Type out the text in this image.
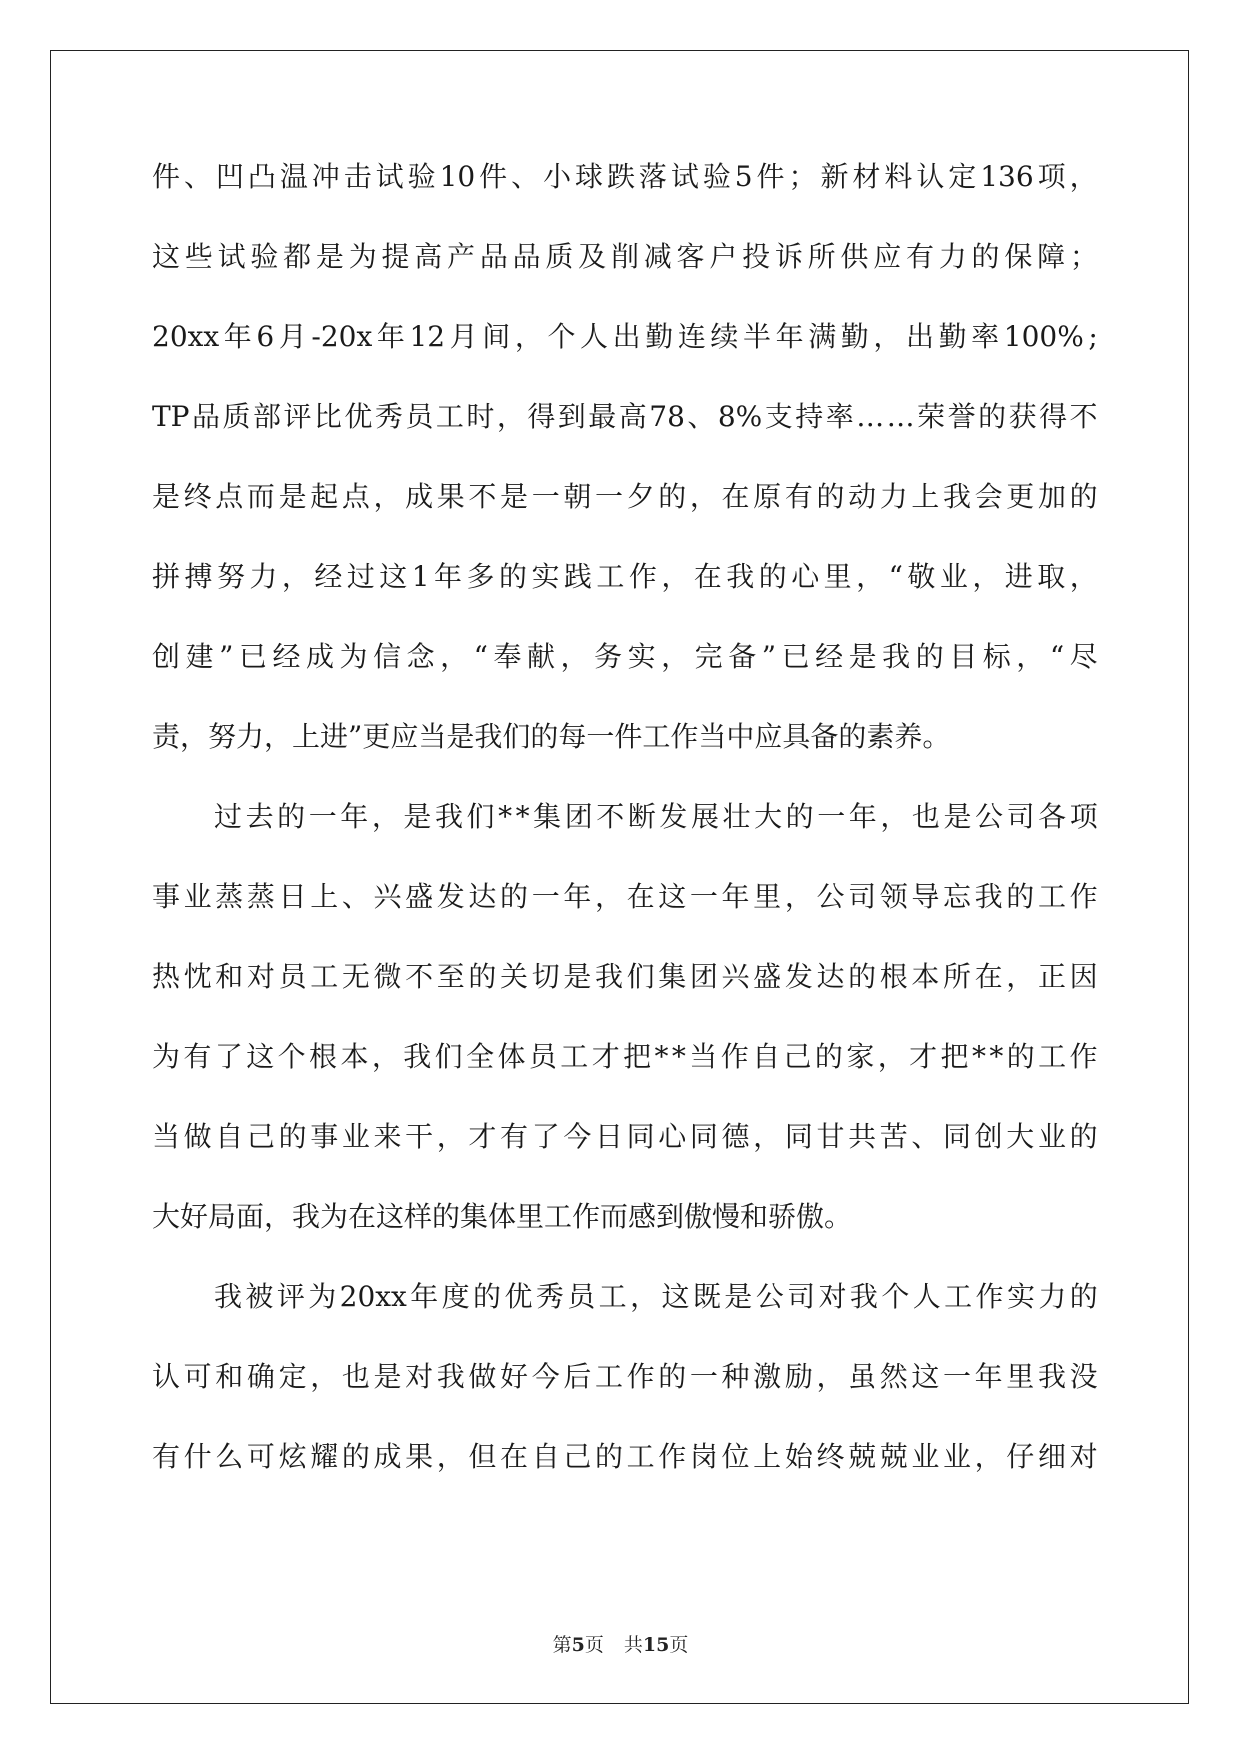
件 、 凹 凸 温 冲 击 试 验 10 件 、 小 球 跌 落 试 验 5 件 ； 新 材 料 认 定 136 项 ，
这 些 试 验 都 是 为 提 高 产 品 品 质 及 削 减 客 户 投 诉 所 供 应 有 力 的 保 障 ；
20xx 年 6 月 -20x 年 12 月 间 ， 个 人 出 勤 连 续 半 年 满 勤 ， 出 勤 率 100% ;
TP 品 质 部 评 比 优 秀 员 工 时 ， 得 到 最 高 78 、 8% 支 持 率 … … 荣 誉 的 获 得 不
是 终 点 而 是 起 点 ， 成 果 不 是 一 朝 一 夕 的 ， 在 原 有 的 动 力 上 我 会 更 加 的
拼 搏 努 力 ， 经 过 这 1 年 多 的 实 践 工 作 ， 在 我 的 心 里 ， “ 敬 业 ， 进 取 ，
创 建 ” 已 经 成 为 信 念 ， “ 奉 献 ， 务 实 ， 完 备 ” 已 经 是 我 的 目 标 ， “ 尽
责，努力，上进”更应当是我们的每一件工作当中应具备的素养。
过 去 的 一 年 ， 是 我 们 * * 集 团 不 断 发 展 壮 大 的 一 年 ， 也 是 公 司 各 项
事 业 蒸 蒸 日 上 、 兴 盛 发 达 的 一 年 ， 在 这 一 年 里 ， 公 司 领 导 忘 我 的 工 作
热 忱 和 对 员 工 无 微 不 至 的 关 切 是 我 们 集 团 兴 盛 发 达 的 根 本 所 在 ， 正 因
为 有 了 这 个 根 本 ， 我 们 全 体 员 工 才 把 * * 当 作 自 己 的 家 ， 才 把 * * 的 工 作
当 做 自 己 的 事 业 来 干 ， 才 有 了 今 日 同 心 同 德 ， 同 甘 共 苦 、 同 创 大 业 的
大好局面，我为在这样的集体里工作而感到傲慢和骄傲。
我 被 评 为 20xx 年 度 的 优 秀 员 工 ， 这 既 是 公 司 对 我 个 人 工 作 实 力 的
认 可 和 确 定 ， 也 是 对 我 做 好 今 后 工 作 的 一 种 激 励 ， 虽 然 这 一 年 里 我 没
有 什 么 可 炫 耀 的 成 果 ， 但 在 自 己 的 工 作 岗 位 上 始 终 兢 兢 业 业 ， 仔 细 对
第5页 共15页
